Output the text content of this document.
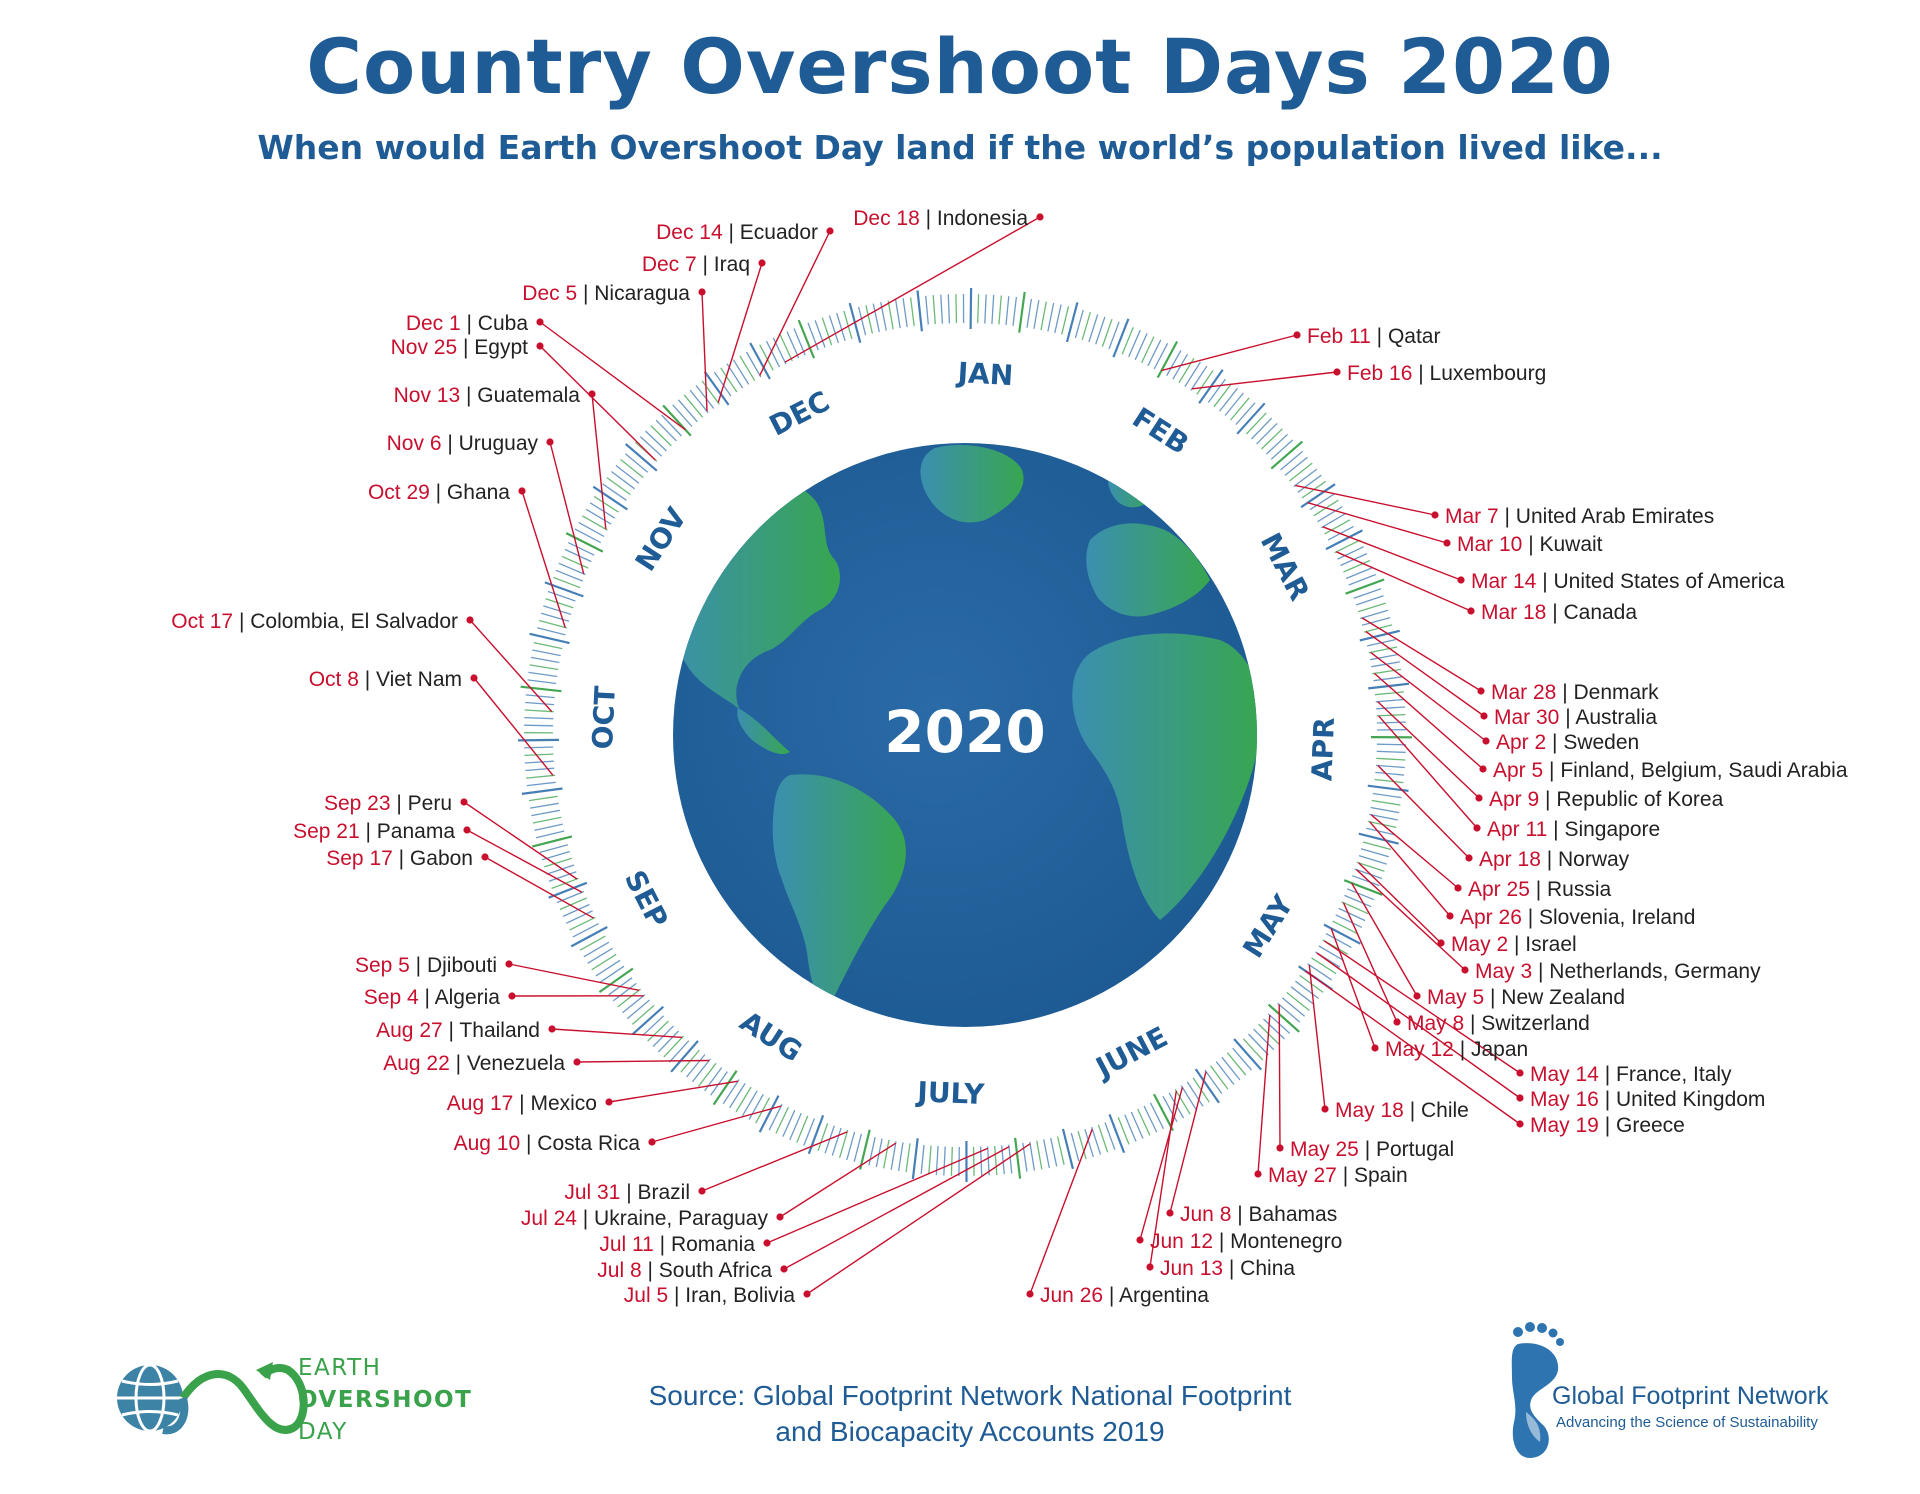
Country Overshoot Days 2020

When would Earth Overshoot Day land if the world’s population lived like...

2020
JAN
FEB
MAR
APR
MAY
JUNE
JULY
AUG
SEP
OCT
NOV
DEC
Feb 11 | Qatar
Feb 16 | Luxembourg
Mar 7 | United Arab Emirates
Mar 10 | Kuwait
Mar 14 | United States of America
Mar 18 | Canada
Mar 28 | Denmark
Mar 30 | Australia
Apr 2 | Sweden
Apr 5 | Finland, Belgium, Saudi Arabia
Apr 9 | Republic of Korea
Apr 11 | Singapore
Apr 18 | Norway
Apr 25 | Russia
Apr 26 | Slovenia, Ireland
May 2 | Israel
May 3 | Netherlands, Germany
May 5 | New Zealand
May 8 | Switzerland
May 12 | Japan
May 14 | France, Italy
May 16 | United Kingdom
May 18 | Chile
May 19 | Greece
May 25 | Portugal
May 27 | Spain
Jun 8 | Bahamas
Jun 12 | Montenegro
Jun 13 | China
Jun 26 | Argentina
Jul 5 | Iran, Bolivia
Jul 8 | South Africa
Jul 11 | Romania
Jul 24 | Ukraine, Paraguay
Jul 31 | Brazil
Aug 10 | Costa Rica
Aug 17 | Mexico
Aug 22 | Venezuela
Aug 27 | Thailand
Sep 4 | Algeria
Sep 5 | Djibouti
Sep 17 | Gabon
Sep 21 | Panama
Sep 23 | Peru
Oct 8 | Viet Nam
Oct 17 | Colombia, El Salvador
Oct 29 | Ghana
Nov 6 | Uruguay
Nov 13 | Guatemala
Nov 25 | Egypt
Dec 1 | Cuba
Dec 5 | Nicaragua
Dec 7 | Iraq
Dec 14 | Ecuador
Dec 18 | Indonesia
EARTH
OVERSHOOT
DAY
Source: Global Footprint Network National Footprint
and Biocapacity Accounts 2019
Global Footprint Network
Advancing the Science of Sustainability
